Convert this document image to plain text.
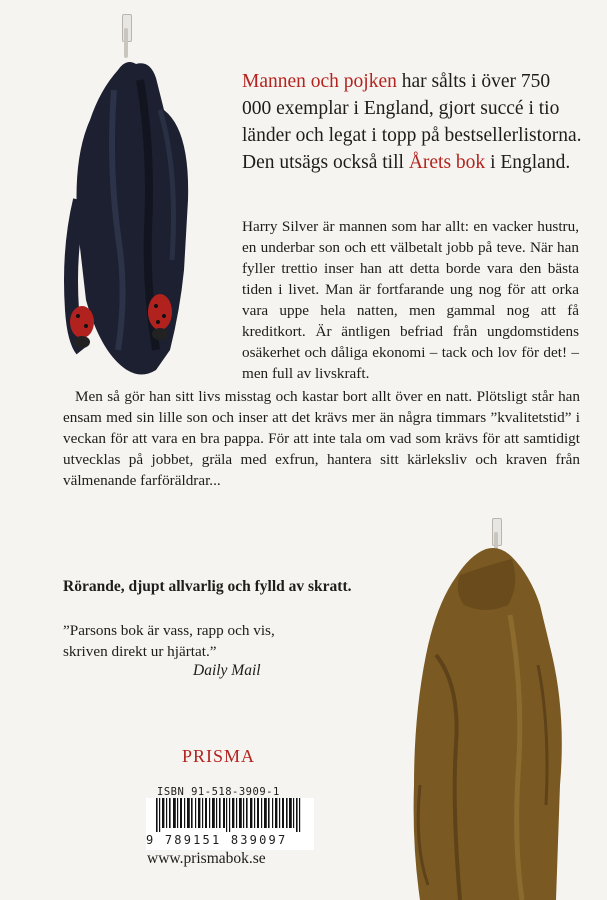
Mannen och pojken har sålts i över 750 000 exemplar i England, gjort succé i tio länder och legat i topp på bestsellerlistorna. Den utsägs också till Årets bok i England.
Harry Silver är mannen som har allt: en vacker hustru, en underbar son och ett välbetalt jobb på teve. När han fyller trettio inser han att detta borde vara den bästa tiden i livet. Man är fortfarande ung nog för att orka vara uppe hela natten, men gammal nog att få kreditkort. Är äntligen befriad från ungdomstidens osäkerhet och dåliga ekonomi – tack och lov för det! – men full av livskraft.
Men så gör han sitt livs misstag och kastar bort allt över en natt. Plötsligt står han ensam med sin lille son och inser att det krävs mer än några timmars ”kvalitetstid” i veckan för att vara en bra pappa. För att inte tala om vad som krävs för att samtidigt utvecklas på jobbet, gräla med exfrun, hantera sitt kärleksliv och kraven från välmenande farföräldrar...
Rörande, djupt allvarlig och fylld av skratt.
”Parsons bok är vass, rapp och vis,
skriven direkt ur hjärtat.”
Daily Mail
PRISMA
ISBN 91-518-3909-1
9 789151 839097
www.prismabok.se
